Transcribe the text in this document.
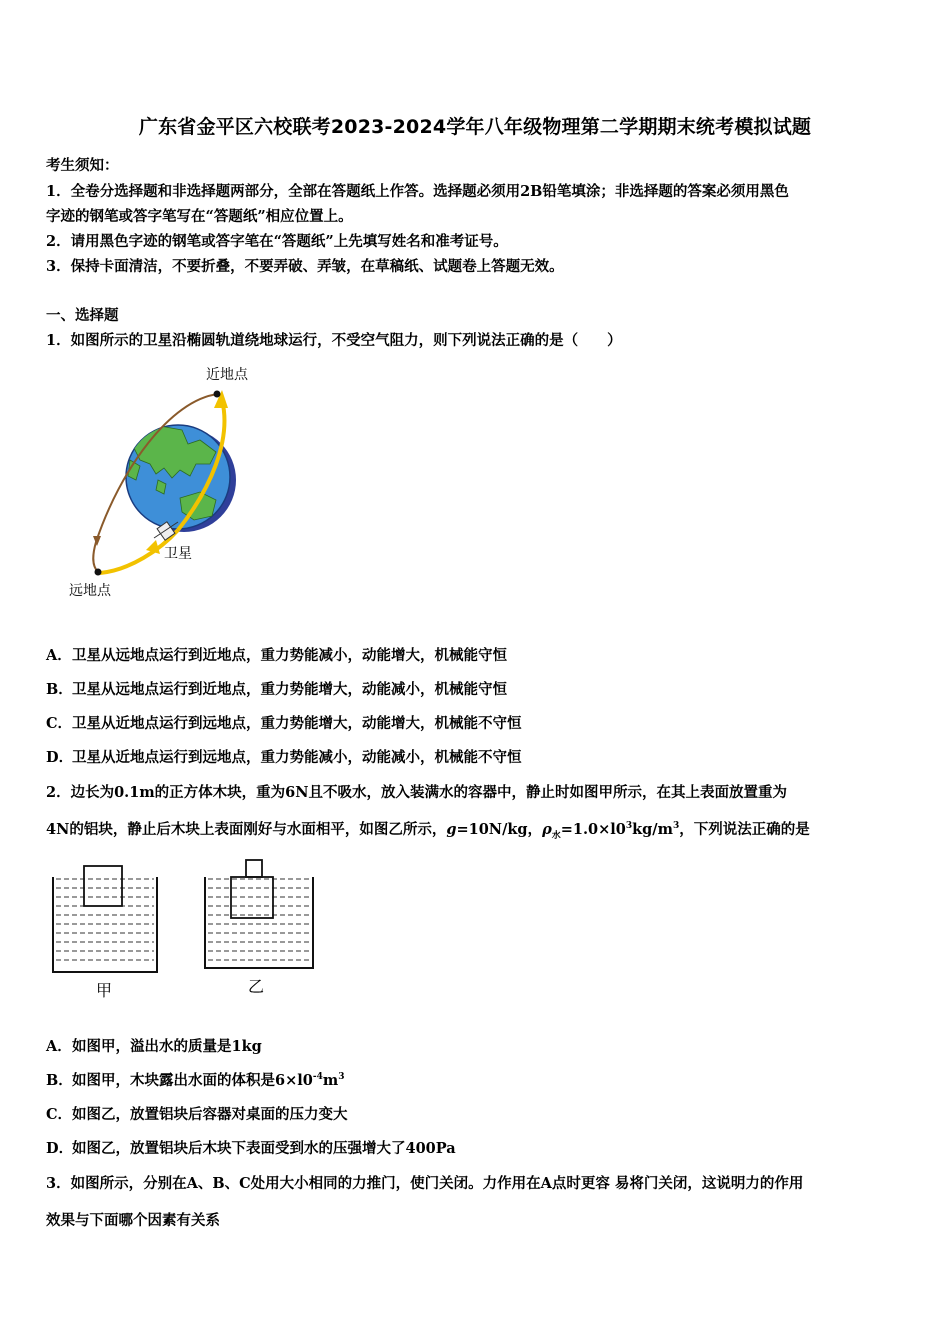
广东省金平区六校联考2023-2024学年八年级物理第二学期期末统考模拟试题
考生须知：
1．全卷分选择题和非选择题两部分，全部在答题纸上作答。选择题必须用2B铅笔填涂；非选择题的答案必须用黑色
字迹的钢笔或答字笔写在“答题纸”相应位置上。
2．请用黑色字迹的钢笔或答字笔在“答题纸”上先填写姓名和准考证号。
3．保持卡面清洁，不要折叠，不要弄破、弄皱，在草稿纸、试题卷上答题无效。
一、选择题
1．如图所示的卫星沿椭圆轨道绕地球运行，不受空气阻力，则下列说法正确的是（　　）
近地点
卫星
远地点
A．卫星从远地点运行到近地点，重力势能减小，动能增大，机械能守恒
B．卫星从远地点运行到近地点，重力势能增大，动能减小，机械能守恒
C．卫星从近地点运行到远地点，重力势能增大，动能增大，机械能不守恒
D．卫星从近地点运行到远地点，重力势能减小，动能减小，机械能不守恒
2．边长为0.1m的正方体木块，重为6N且不吸水，放入装满水的容器中，静止时如图甲所示，在其上表面放置重为
4N的铝块，静止后木块上表面刚好与水面相平，如图乙所示，g=10N/kg，$\rho_水=1.0\times l0^3kg/m^3$，下列说法正确的是
甲	乙
A．如图甲，溢出水的质量是1kg
B．如图甲，木块露出水面的体积是$6\times l0^{-4}m^3$
C．如图乙，放置铝块后容器对桌面的压力变大
D．如图乙，放置铝块后木块下表面受到水的压强增大了400Pa
3．如图所示，分别在A、B、C处用大小相同的力推门，使门关闭。力作用在A点时更容 易将门关闭，这说明力的作用
效果与下面哪个因素有关系
